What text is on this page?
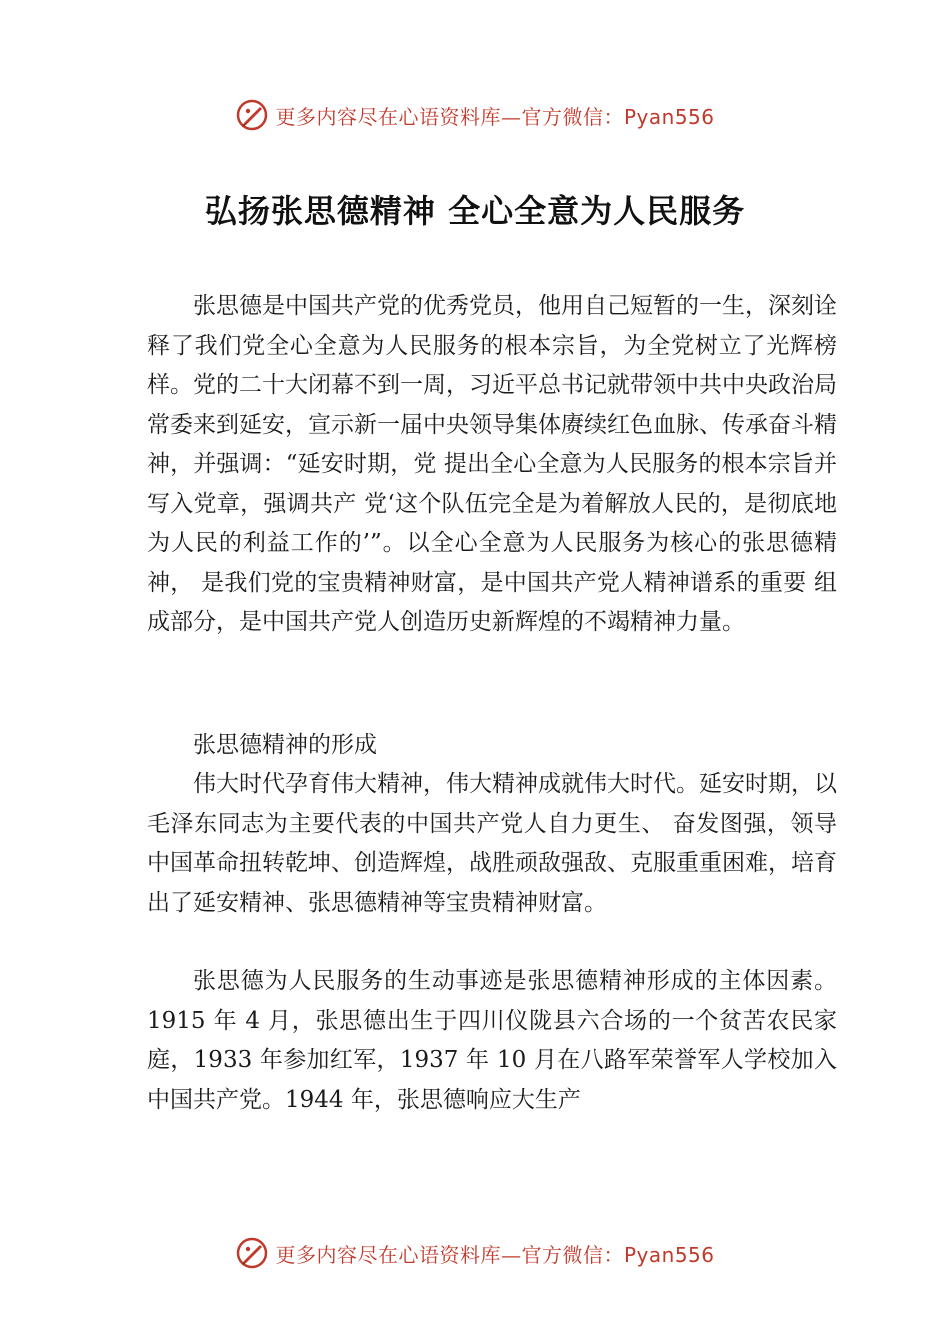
更多内容尽在心语资料库—官方微信：Pyan556
弘扬张思德精神 全心全意为人民服务

张思德是中国共产党的优秀党员，他用自己短暂的一生，深刻诠释了我们党全心全意为人民服务的根本宗旨，为全党树立了光辉榜样。党的二十大闭幕不到一周，习近平总书记就带领中共中央政治局常委来到延安，宣示新一届中央领导集体赓续红色血脉、传承奋斗精神，并强调：“延安时期，党 提出全心全意为人民服务的根本宗旨并写入党章，强调共产 党‘这个队伍完全是为着解放人民的，是彻底地为人民的利益工作的’”。以全心全意为人民服务为核心的张思德精神， 是我们党的宝贵精神财富，是中国共产党人精神谱系的重要 组成部分，是中国共产党人创造历史新辉煌的不竭精神力量。

张思德精神的形成

伟大时代孕育伟大精神，伟大精神成就伟大时代。延安时期，以毛泽东同志为主要代表的中国共产党人自力更生、 奋发图强，领导中国革命扭转乾坤、创造辉煌，战胜顽敌强敌、克服重重困难，培育出了延安精神、张思德精神等宝贵精神财富。

张思德为人民服务的生动事迹是张思德精神形成的主体因素。1915 年 4 月，张思德出生于四川仪陇县六合场的一个贫苦农民家庭，1933 年参加红军，1937 年 10 月在八路军荣誉军人学校加入中国共产党。1944 年，张思德响应大生产

更多内容尽在心语资料库—官方微信：Pyan556
